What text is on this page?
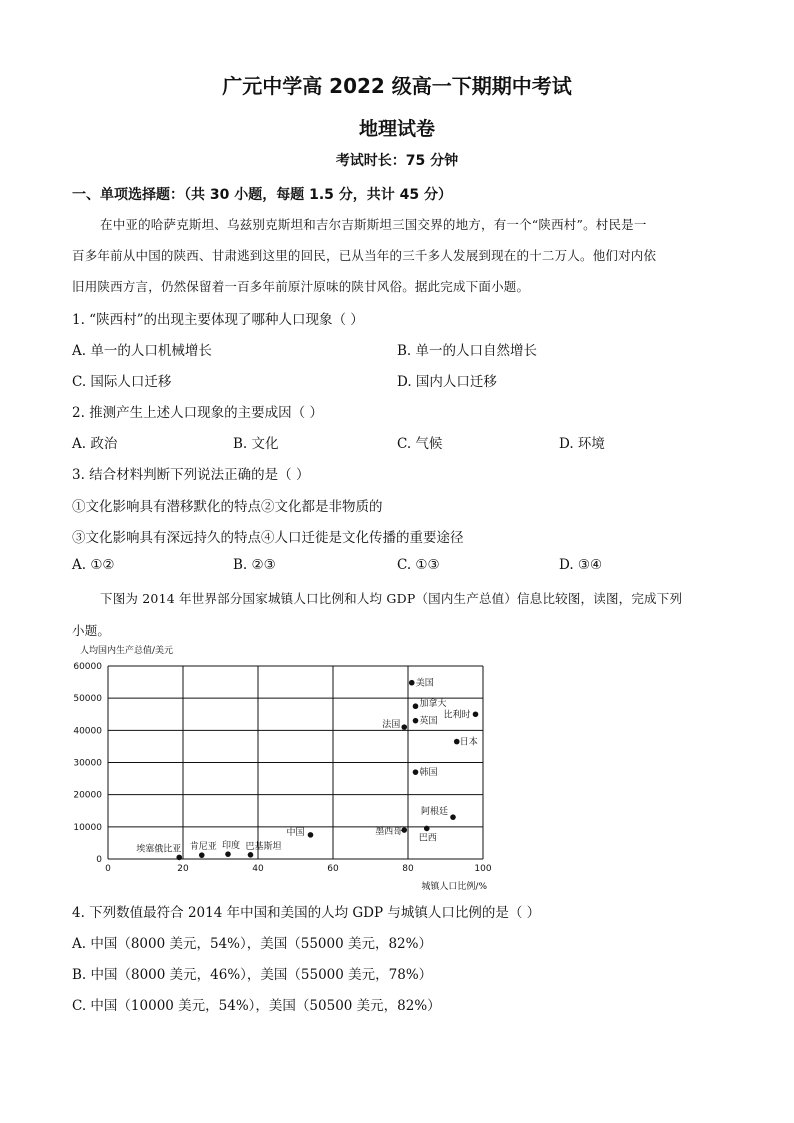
广元中学高 2022 级高一下期期中考试
地理试卷
考试时长：75 分钟
一、单项选择题：（共 30 小题，每题 1.5 分，共计 45 分）
在中亚的哈萨克斯坦、乌兹别克斯坦和吉尔吉斯斯坦三国交界的地方，有一个“陕西村”。村民是一
百多年前从中国的陕西、甘肃逃到这里的回民，已从当年的三千多人发展到现在的十二万人。他们对内依
旧用陕西方言，仍然保留着一百多年前原汁原味的陕甘风俗。据此完成下面小题。
1. “陕西村”的出现主要体现了哪种人口现象（ ）
A. 单一的人口机械增长	B. 单一的人口自然增长
C. 国际人口迁移	D. 国内人口迁移
2. 推测产生上述人口现象的主要成因（ ）
A. 政治	B. 文化	C. 气候	D. 环境
3. 结合材料判断下列说法正确的是（ ）
①文化影响具有潜移默化的特点②文化都是非物质的
③文化影响具有深远持久的特点④人口迁徙是文化传播的重要途径
A. ①②	B. ②③	C. ①③	D. ③④
下图为 2014 年世界部分国家城镇人口比例和人均 GDP（国内生产总值）信息比较图，读图，完成下列
小题。
人均国内生产总值/美元
0	20	40	60	80	100
0
10000
20000
30000
40000
50000
60000
城镇人口比例/%
美国
加拿大
英国
比利时
法国
日本
韩国
阿根廷
墨西哥
巴西
中国
埃塞俄比亚 肯尼亚 印度 巴基斯坦
4. 下列数值最符合 2014 年中国和美国的人均 GDP 与城镇人口比例的是（ ）
A. 中国（8000 美元，54%），美国（55000 美元，82%）
B. 中国（8000 美元，46%），美国（55000 美元，78%）
C. 中国（10000 美元，54%），美国（50500 美元，82%）
